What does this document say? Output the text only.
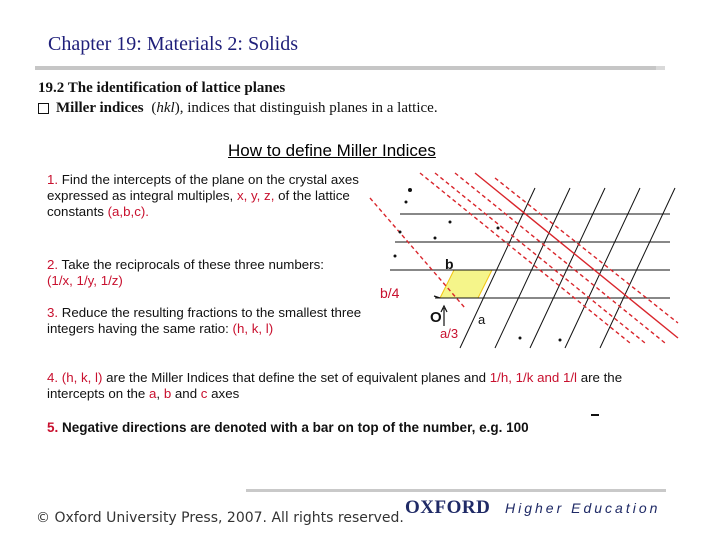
Chapter 19: Materials 2: Solids
19.2 The identification of lattice planes
Miller indices ( hkl ), indices that distinguish planes in a lattice.
How to define Miller Indices
1. Find the intercepts of the plane on the crystal axes expressed as integral multiples, x, y, z, of the lattice constants (a,b,c).
2. Take the reciprocals of these three numbers: (1/x, 1/y, 1/z)
3. Reduce the resulting fractions to the smallest three integers having the same ratio: (h, k, l)
4. (h, k, l) are the Miller Indices that define the set of equivalent planes and 1/h, 1/k and 1/l are the intercepts on the a, b and c axes
5. Negative directions are denoted with a bar on top of the number, e.g. 100
b
b/4
O	a
a/3
© Oxford University Press, 2007. All rights reserved. OXFORD Higher Education
